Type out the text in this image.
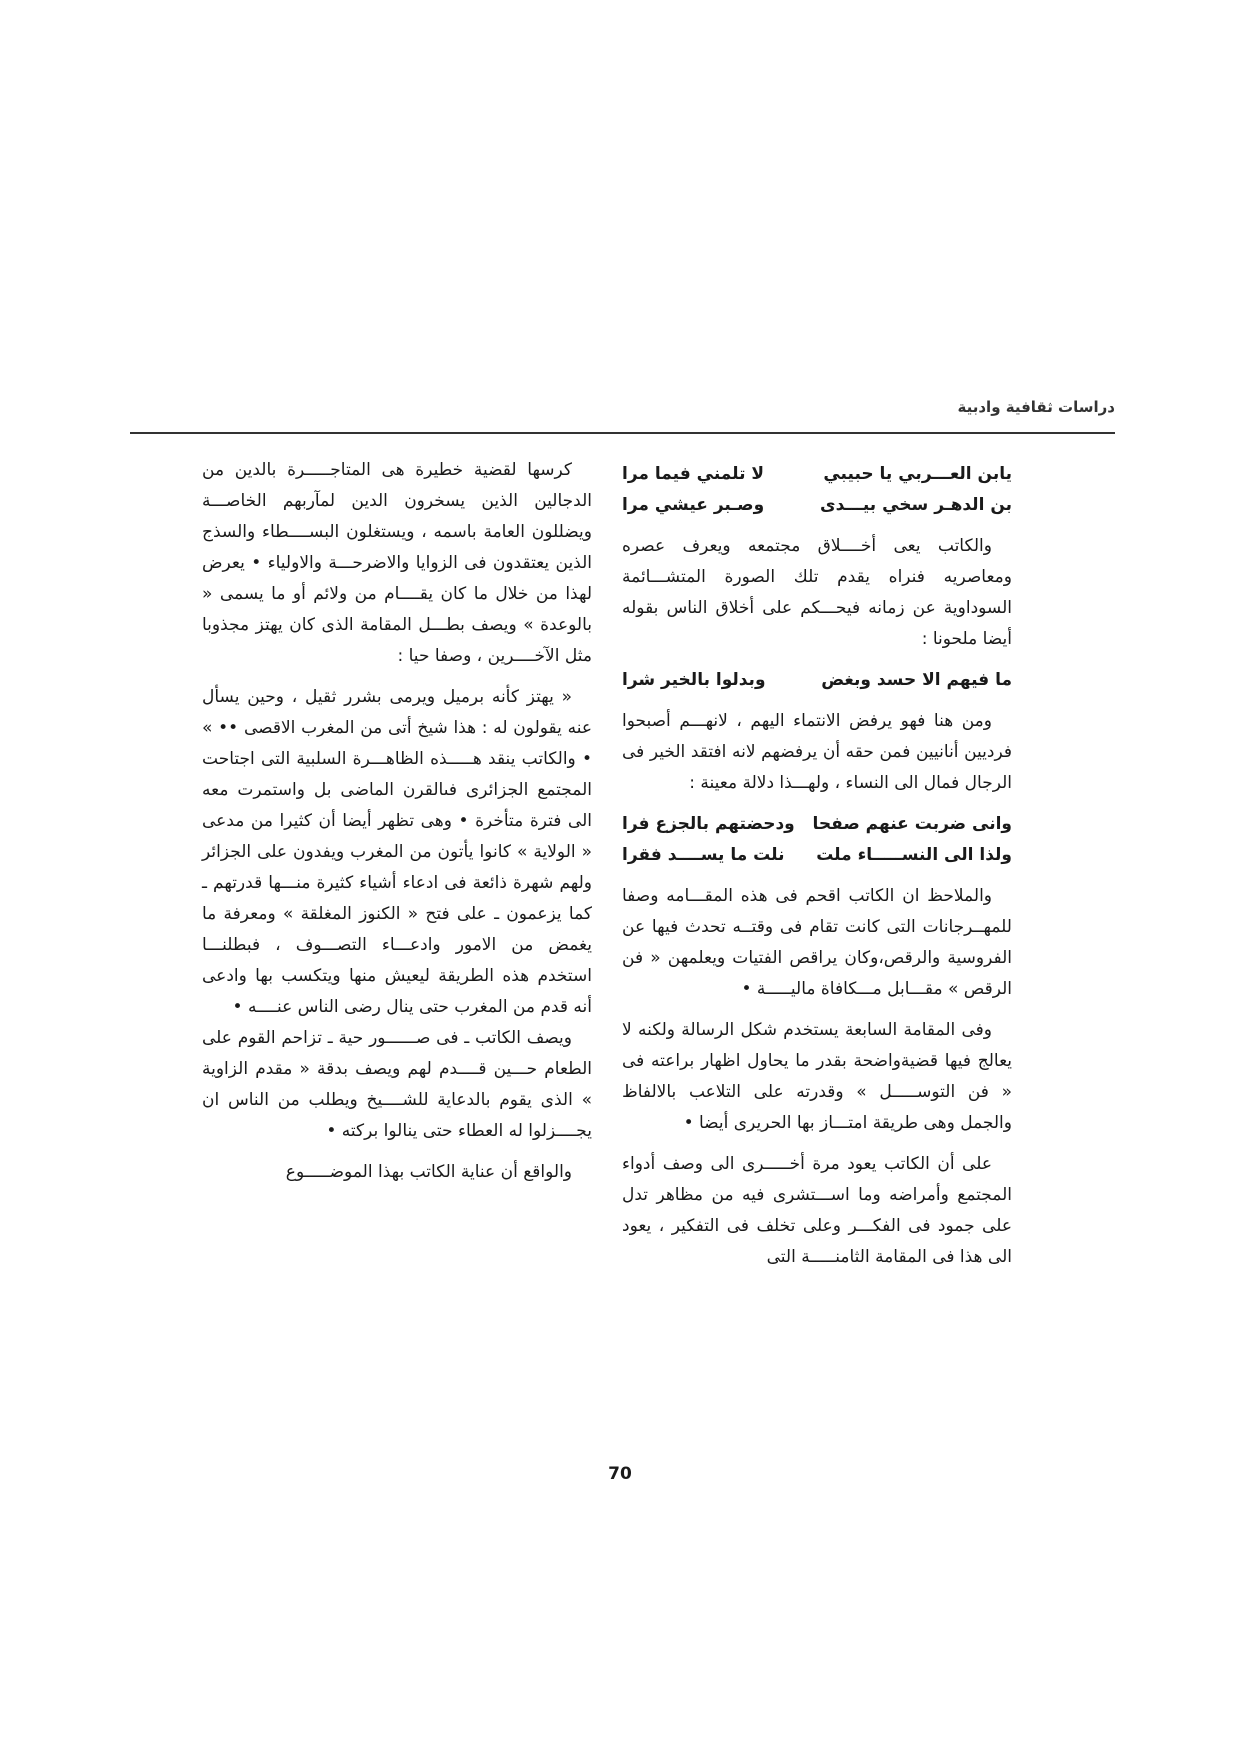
دراسات ثقافية وادبية
يابن العـــربي يا حبيبي
لا تلمني فيما مرا
بن الدهـر سخي بيـــدى
وصـبر عيشي مرا

والكاتب يعى أخــــلاق مجتمعه ويعرف عصره ومعاصريه فنراه يقدم تلك الصورة المتشـــائمة السوداوية عن زمانه فيحـــكم على أخلاق الناس بقوله أيضا ملحونا :

ما فيهم الا حسد وبغض
وبدلوا بالخير شرا

ومن هنا فهو يرفض الانتماء اليهم ، لانهـــم أصبحوا فرديين أنانيين فمن حقه أن يرفضهم لانه افتقد الخير فى الرجال فمال الى النساء ، ولهـــذا دلالة معينة :

وانى ضربت عنهم صفحا
ودحضتهم بالجزع فرا
ولذا الى النســـــاء ملت
نلت ما يســــد فقرا

والملاحظ ان الكاتب اقحم فى هذه المقـــامه وصفا للمهــرجانات التى كانت تقام فى وقتــه تحدث فيها عن الفروسية والرقص،وكان يراقص الفتيات ويعلمهن « فن الرقص » مقـــابل مـــكافاة ماليـــــة •

وفى المقامة السابعة يستخدم شكل الرسالة ولكنه لا يعالج فيها قضيةواضحة بقدر ما يحاول اظهار براعته فى « فن التوســـــل » وقدرته على التلاعب بالالفاظ والجمل وهى طريقة امتـــاز بها الحريرى أيضا •

على أن الكاتب يعود مرة أخـــــرى الى وصف أدواء المجتمع وأمراضه وما اســـتشرى فيه من مظاهر تدل على جمود فى الفكـــر وعلى تخلف فى التفكير ، يعود الى هذا فى المقامة الثامنـــــة التى

كرسها لقضية خطيرة هى المتاجـــــرة بالدين من الدجالين الذين يسخرون الدين لمآربهم الخاصـــة ويضللون العامة باسمه ، ويستغلون البســــطاء والسذج الذين يعتقدون فى الزوايا والاضرحـــة والاولياء • يعرض لهذا من خلال ما كان يقــــام من ولائم أو ما يسمى « بالوعدة » ويصف بطـــل المقامة الذى كان يهتز مجذوبا مثل الآخــــرين ، وصفا حيا :

« يهتز كأنه برميل ويرمى بشرر ثقيل ، وحين يسأل عنه يقولون له : هذا شيخ أتى من المغرب الاقصى •• » • والكاتب ينقد هـــــذه الظاهـــرة السلبية التى اجتاحت المجتمع الجزائرى فىالقرن الماضى بل واستمرت معه الى فترة متأخرة • وهى تظهر أيضا أن كثيرا من مدعى « الولاية » كانوا يأتون من المغرب ويفدون على الجزائر ولهم شهرة ذائعة فى ادعاء أشياء كثيرة منـــها قدرتهم ـ كما يزعمون ـ على فتح « الكنوز المغلقة » ومعرفة ما يغمض من الامور وادعـــاء التصـــوف ، فبطلنـــا استخدم هذه الطريقة ليعيش منها ويتكسب بها وادعى أنه قدم من المغرب حتى ينال رضى الناس عنــــه •

ويصف الكاتب ـ فى صــــــور حية ـ تزاحم القوم على الطعام حـــين قــــدم لهم ويصف بدقة « مقدم الزاوية » الذى يقوم بالدعاية للشــــيخ ويطلب من الناس ان يجــــزلوا له العطاء حتى ينالوا بركته •

والواقع أن عناية الكاتب بهذا الموضـــــوع

70
